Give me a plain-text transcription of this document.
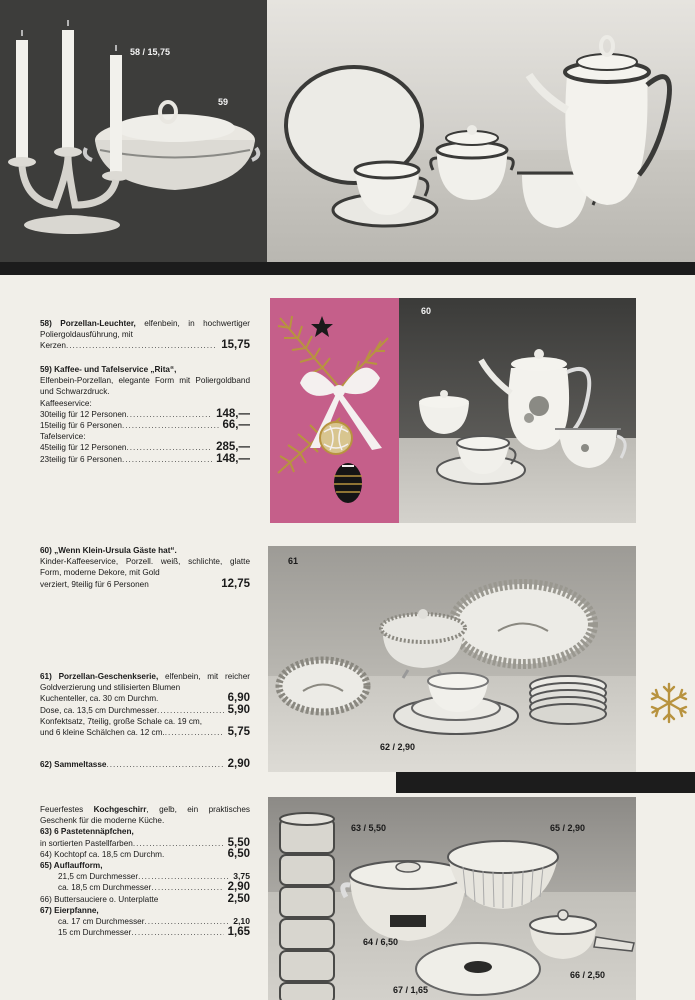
58 / 15,75
59

58) Porzellan-Leuchter, elfenbein, in hochwertiger Poliergoldausführung, mit

Kerzen .....	15,75

59) Kaffee- und Tafelservice „Rita“,

Elfenbein-Porzellan, elegante Form mit Poliergoldband und Schwarzdruck.

Kaffeeservice:

30teilig für 12 Personen .....	148,—
15teilig für 6 Personen .....	66,—

Tafelservice:

45teilig für 12 Personen .....	285,—
23teilig für 6 Personen .....	148,—
60

60) „Wenn Klein-Ursula Gäste hat“.

Kinder-Kaffeeservice, Porzell. weiß, schlichte, glatte Form, moderne Dekore, mit Gold

verziert, 9teilig für 6 Personen	12,75
61
62 / 2,90

61) Porzellan-Geschenkserie, elfenbein, mit reicher Goldverzierung und stilisierten Blumen

Kuchenteller, ca. 30 cm Durchm.	6,90
Dose, ca. 13,5 cm Durchmesser .....	5,90

Konfektsatz, 7teilig, große Schale ca. 19 cm,

und 6 kleine Schälchen ca. 12 cm. .....	5,75
62) Sammeltasse .....	2,90
63 / 5,50
64 / 6,50
65 / 2,90
66 / 2,50
67 / 1,65

Feuerfestes Kochgeschirr, gelb, ein praktisches Geschenk für die moderne Küche.

63) 6 Pastetennäpfchen,

in sortierten Pastellfarben .....	5,50
64) Kochtopf ca. 18,5 cm Durchm.	6,50

65) Auflaufform,

21,5 cm Durchmesser .....	3,75
ca. 18,5 cm Durchmesser .....	2,90
66) Buttersauciere o. Unterplatte	2,50

67) Eierpfanne,

ca. 17 cm Durchmesser .....	2,10
15 cm Durchmesser .....	1,65
